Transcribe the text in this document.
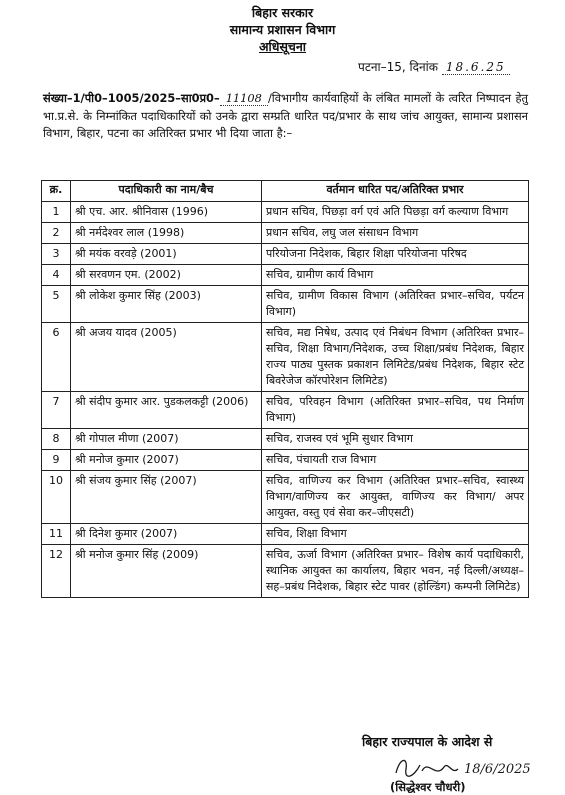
बिहार सरकार
सामान्य प्रशासन विभाग
अधिसूचना
पटना–15, दिनांक 18.6.25
संख्या–1/पी0–1005/2025–सा0प्र0– 11108 /विभागीय कार्यवाहियों के लंबित मामलों के त्वरित निष्पादन हेतु भा.प्र.से. के निम्नांकित पदाधिकारियों को उनके द्वारा सम्प्रति धारित पद/प्रभार के साथ जांच आयुक्त, सामान्य प्रशासन विभाग, बिहार, पटना का अतिरिक्त प्रभार भी दिया जाता है:–
क्र.	पदाधिकारी का नाम/बैच	वर्तमान धारित पद/अतिरिक्त प्रभार
1	श्री एच. आर. श्रीनिवास (1996)	प्रधान सचिव, पिछड़ा वर्ग एवं अति पिछड़ा वर्ग कल्याण विभाग
2	श्री नर्मदेश्वर लाल (1998)	प्रधान सचिव, लघु जल संसाधन विभाग
3	श्री मयंक वरवड़े (2001)	परियोजना निदेशक, बिहार शिक्षा परियोजना परिषद
4	श्री सरवणन एम. (2002)	सचिव, ग्रामीण कार्य विभाग
5	श्री लोकेश कुमार सिंह (2003)	सचिव, ग्रामीण विकास विभाग (अतिरिक्त प्रभार–सचिव, पर्यटन विभाग)
6	श्री अजय यादव (2005)	सचिव, मद्य निषेध, उत्पाद एवं निबंधन विभाग (अतिरिक्त प्रभार–सचिव, शिक्षा विभाग/निदेशक, उच्च शिक्षा/प्रबंध निदेशक, बिहार राज्य पाठ्य पुस्तक प्रकाशन लिमिटेड/प्रबंध निदेशक, बिहार स्टेट बिवरेजेज कॉरपोरेशन लिमिटेड)
7	श्री संदीप कुमार आर. पुडकलकट्टी (2006)	सचिव, परिवहन विभाग (अतिरिक्त प्रभार–सचिव, पथ निर्माण विभाग)
8	श्री गोपाल मीणा (2007)	सचिव, राजस्व एवं भूमि सुधार विभाग
9	श्री मनोज कुमार (2007)	सचिव, पंचायती राज विभाग
10	श्री संजय कुमार सिंह (2007)	सचिव, वाणिज्य कर विभाग (अतिरिक्त प्रभार–सचिव, स्वास्थ्य विभाग/वाणिज्य कर आयुक्त, वाणिज्य कर विभाग/ अपर आयुक्त, वस्तु एवं सेवा कर–जीएसटी)
11	श्री दिनेश कुमार (2007)	सचिव, शिक्षा विभाग
12	श्री मनोज कुमार सिंह (2009)	सचिव, ऊर्जा विभाग (अतिरिक्त प्रभार– विशेष कार्य पदाधिकारी, स्थानिक आयुक्त का कार्यालय, बिहार भवन, नई दिल्ली/अध्यक्ष–सह–प्रबंध निदेशक, बिहार स्टेट पावर (होल्डिंग) कम्पनी लिमिटेड)
बिहार राज्यपाल के आदेश से
18/6/2025
(सिद्धेश्वर चौधरी)
